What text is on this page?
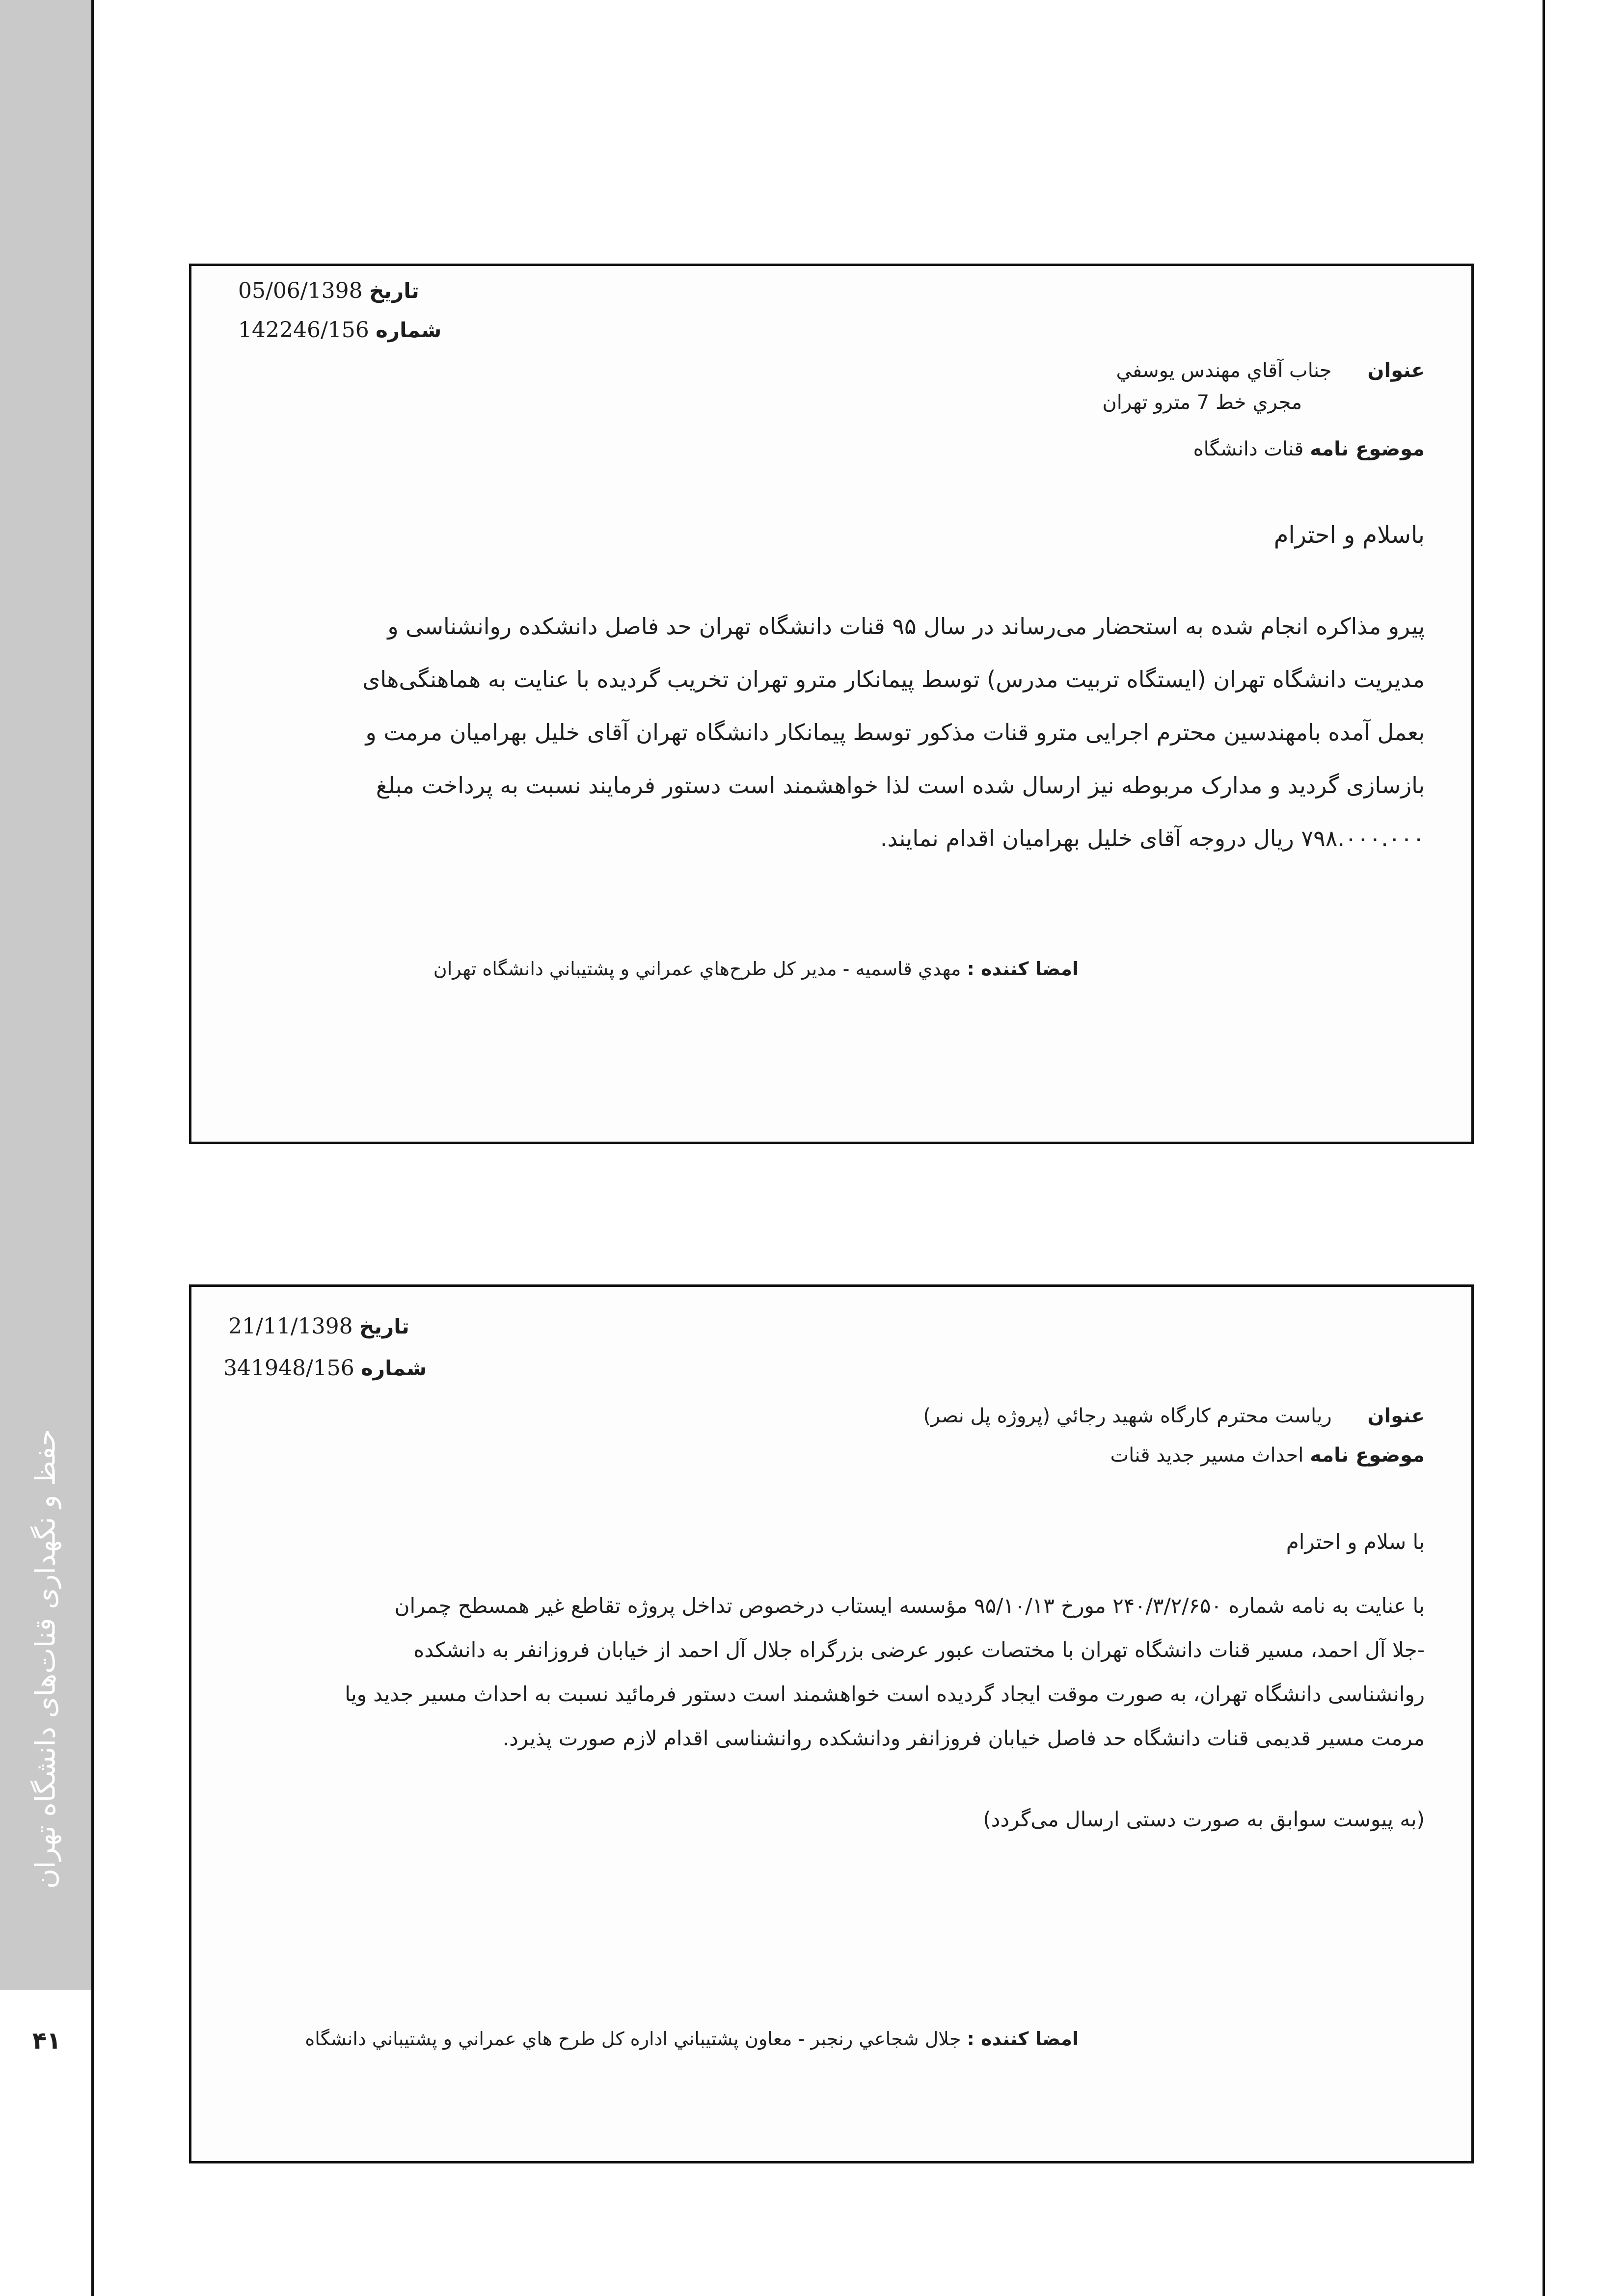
حفظ و نگهداری قنات‌های دانشگاه تهران
۴۱
تاریخ 05/06/1398
شماره 142246/156
عنوان جناب آقاي مهندس يوسفي
مجري خط 7 مترو تهران
موضوع نامه قنات دانشگاه
باسلام و احترام

پیرو مذاکره انجام شده به استحضار می‌رساند در سال ۹۵ قنات دانشگاه تهران حد فاصل دانشکده روانشناسی و

مدیریت دانشگاه تهران (ایستگاه تربیت مدرس) توسط پیمانکار مترو تهران تخریب گردیده با عنایت به هماهنگی‌های

بعمل آمده بامهندسین محترم اجرایی مترو قنات مذکور توسط پیمانکار دانشگاه تهران آقای خلیل بهرامیان مرمت و

بازسازی گردید و مدارک مربوطه نیز ارسال شده است لذا خواهشمند است دستور فرمایند نسبت به پرداخت مبلغ

۷۹۸.۰۰۰.۰۰۰ ریال دروجه آقای خلیل بهرامیان اقدام نمایند.

امضا كننده : مهدي قاسميه - مدير كل طرح‌هاي عمراني و پشتيباني دانشگاه تهران
تاريخ 21/11/1398
شماره 341948/156
عنوان رياست محترم كارگاه شهيد رجائي (پروژه پل نصر)
موضوع نامه احداث مسير جديد قنات
با سلام و احترام

با عنایت به نامه شماره ۲۴۰/۳/۲/۶۵۰ مورخ ۹۵/۱۰/۱۳ مؤسسه ایستاب درخصوص تداخل پروژه تقاطع غیر همسطح چمران

-جلا آل احمد، مسیر قنات دانشگاه تهران با مختصات عبور عرضی بزرگراه جلال آل احمد از خیابان فروزانفر به دانشکده

روانشناسی دانشگاه تهران، به صورت موقت ایجاد گردیده است خواهشمند است دستور فرمائید نسبت به احداث مسیر جدید ویا

مرمت مسیر قدیمی قنات دانشگاه حد فاصل خیابان فروزانفر ودانشکده روانشناسی اقدام لازم صورت پذیرد.

(به پیوست سوابق به صورت دستی ارسال می‌گردد)
امضا كننده : جلال شجاعي رنجبر - معاون پشتيباني اداره كل طرح هاي عمراني و پشتيباني دانشگاه
